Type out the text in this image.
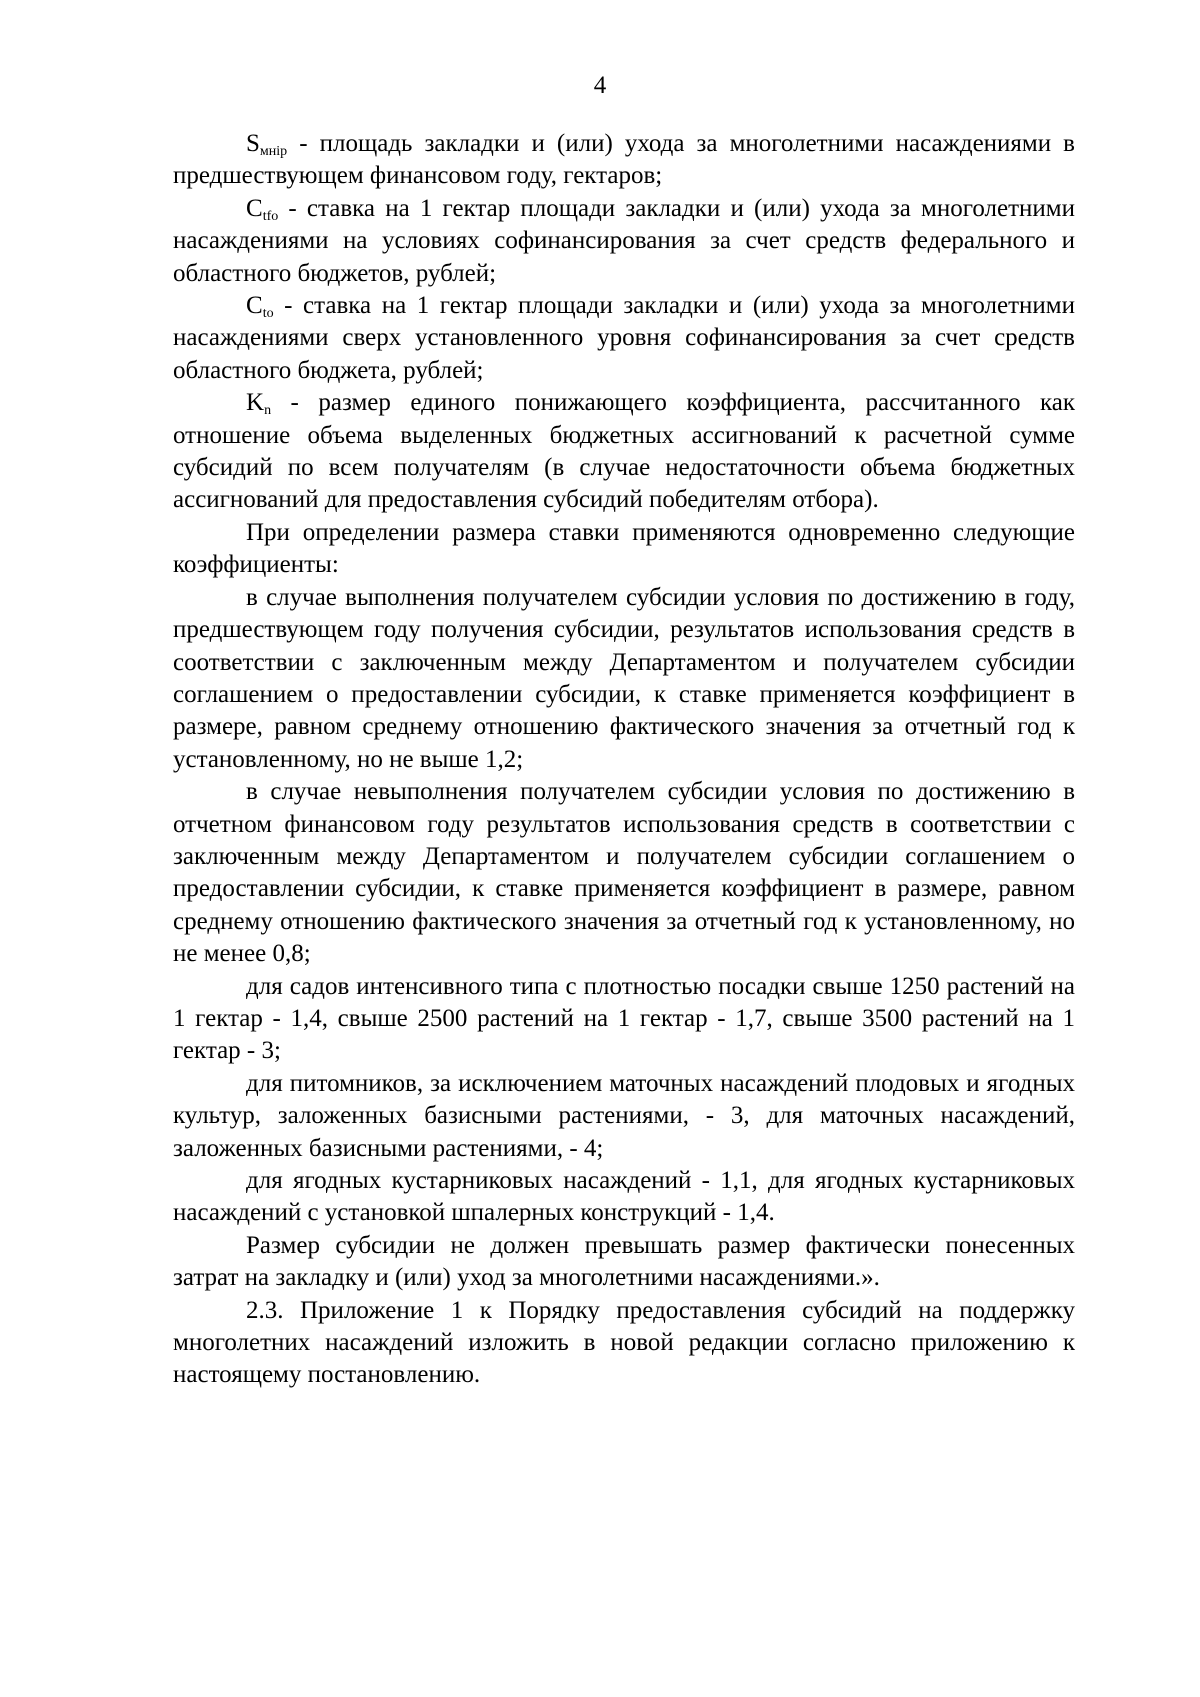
4

$S_{мнip}$ - площадь закладки и (или) ухода за многолетними насаждениями в предшествующем финансовом году, гектаров;

$C_{tfo}$ - ставка на 1 гектар площади закладки и (или) ухода за многолетними насаждениями на условиях софинансирования за счет средств федерального и областного бюджетов, рублей;

$C_{to}$ - ставка на 1 гектар площади закладки и (или) ухода за многолетними насаждениями сверх установленного уровня софинансирования за счет средств областного бюджета, рублей;

$K_n$ - размер единого понижающего коэффициента, рассчитанного как отношение объема выделенных бюджетных ассигнований к расчетной сумме субсидий по всем получателям (в случае недостаточности объема бюджетных ассигнований для предоставления субсидий победителям отбора).

При определении размера ставки применяются одновременно следующие коэффициенты:

в случае выполнения получателем субсидии условия по достижению в году, предшествующем году получения субсидии, результатов использования средств в соответствии с заключенным между Департаментом и получателем субсидии соглашением о предоставлении субсидии, к ставке применяется коэффициент в размере, равном среднему отношению фактического значения за отчетный год к установленному, но не выше 1,2;

в случае невыполнения получателем субсидии условия по достижению в отчетном финансовом году результатов использования средств в соответствии с заключенным между Департаментом и получателем субсидии соглашением о предоставлении субсидии, к ставке применяется коэффициент в размере, равном среднему отношению фактического значения за отчетный год к установленному, но не менее 0,8;

для садов интенсивного типа с плотностью посадки свыше 1250 растений на 1 гектар - 1,4, свыше 2500 растений на 1 гектар - 1,7, свыше 3500 растений на 1 гектар - 3;

для питомников, за исключением маточных насаждений плодовых и ягодных культур, заложенных базисными растениями, - 3, для маточных насаждений, заложенных базисными растениями, - 4;

для ягодных кустарниковых насаждений - 1,1, для ягодных кустарниковых насаждений с установкой шпалерных конструкций - 1,4.

Размер субсидии не должен превышать размер фактически понесенных затрат на закладку и (или) уход за многолетними насаждениями.».

2.3. Приложение 1 к Порядку предоставления субсидий на поддержку многолетних насаждений изложить в новой редакции согласно приложению к настоящему постановлению.
